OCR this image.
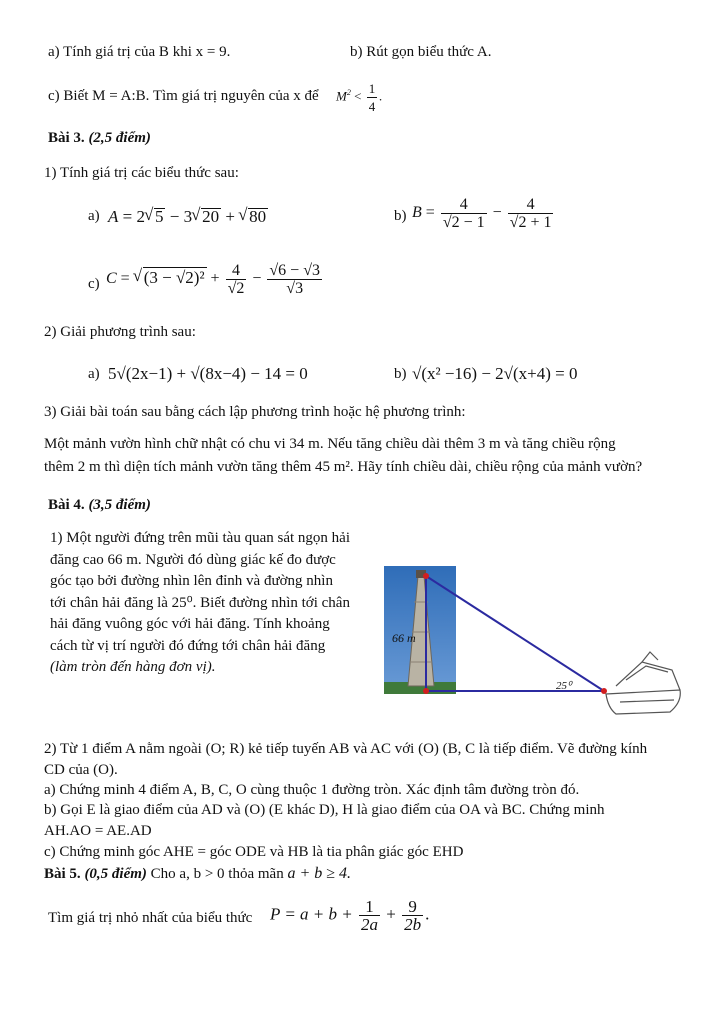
a) Tính giá trị của B khi x = 9.	b) Rút gọn biểu thức A.
c) Biết M = A:B. Tìm giá trị nguyên của x để $M^2 < \frac{1}{4}$ .
Bài 3. (2,5 điểm)
1) Tính giá trị các biểu thức sau:
a) A = 2 √ 5 − 3 √ 20 + √ 80	b) $B = \frac{4}{√2 - 1} - \frac{4}{√2 + 1}$
c) C = √ $(3 - √2)^2 + \frac{4}{√2} - \frac{√6 - √3}{√3}$
2) Giải phương trình sau:
a) 5√(2x−1) + √(8x−4) − 14 = 0	b) √(x² −16) − 2√(x+4) = 0
3) Giải bài toán sau bằng cách lập phương trình hoặc hệ phương trình:
Một mảnh vườn hình chữ nhật có chu vi 34 m. Nếu tăng chiều dài thêm 3 m và tăng chiều rộng
thêm 2 m thì diện tích mảnh vườn tăng thêm 45 m². Hãy tính chiều dài, chiều rộng của mảnh vườn?
Bài 4. (3,5 điểm)
1) Một người đứng trên mũi tàu quan sát ngọn hải
đăng cao 66 m. Người đó dùng giác kế đo được
góc tạo bởi đường nhìn lên đỉnh và đường nhìn
tới chân hải đăng là 25⁰. Biết đường nhìn tới chân
hải đăng vuông góc với hải đăng. Tính khoảng
cách từ vị trí người đó đứng tới chân hải đăng
(làm tròn đến hàng đơn vị).
66 m
25⁰
2) Từ 1 điểm A nằm ngoài (O; R) kẻ tiếp tuyến AB và AC với (O) (B, C là tiếp điểm. Vẽ đường kính
CD của (O).
a) Chứng minh 4 điểm A, B, C, O cùng thuộc 1 đường tròn. Xác định tâm đường tròn đó.
b) Gọi E là giao điểm của AD và (O) (E khác D), H là giao điểm của OA và BC. Chứng minh
AH.AO = AE.AD
c) Chứng minh góc AHE = góc ODE và HB là tia phân giác góc EHD
Bài 5. (0,5 điểm) Cho a, b > 0 thỏa mãn a + b ≥ 4.
Tìm giá trị nhỏ nhất của biểu thức $P = a + b + \frac{1}{2a} + \frac{9}{2b}$ .
